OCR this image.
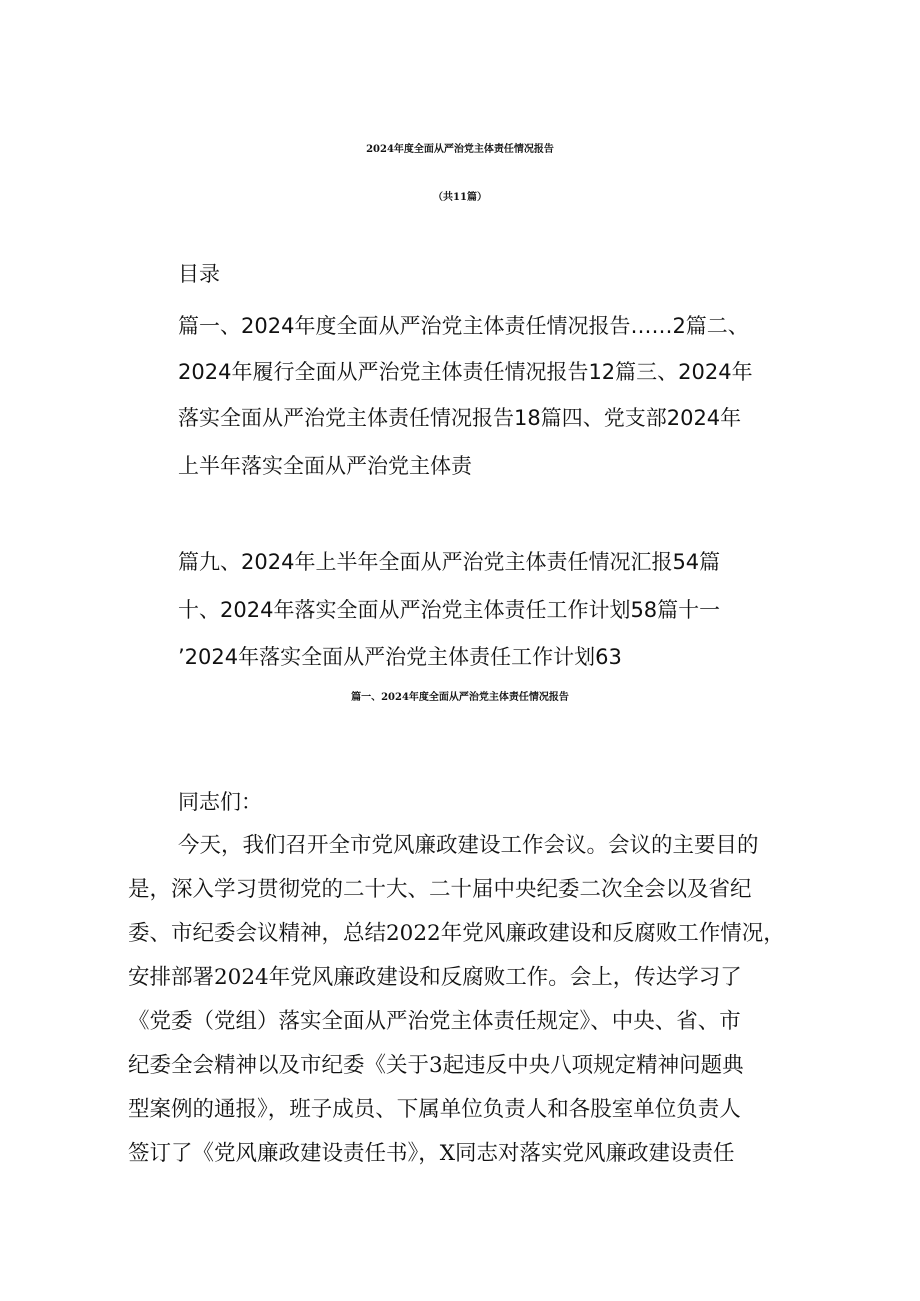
2024年度全面从严治党主体责任情况报告
（共11篇）
目录
篇一、2024年度全面从严治党主体责任情况报告……2篇二、
2024年履行全面从严治党主体责任情况报告12篇三、2024年
落实全面从严治党主体责任情况报告18篇四、党支部2024年
上半年落实全面从严治党主体责
篇九、2024年上半年全面从严治党主体责任情况汇报54篇
十、2024年落实全面从严治党主体责任工作计划58篇十一
’2024年落实全面从严治党主体责任工作计划63
篇一、2024年度全面从严治党主体责任情况报告
同志们：
今天，我们召开全市党风廉政建设工作会议。会议的主要目的
是，深入学习贯彻党的二十大、二十届中央纪委二次全会以及省纪
委、市纪委会议精神，总结2022年党风廉政建设和反腐败工作情况，
安排部署2024年党风廉政建设和反腐败工作。会上，传达学习了
《党委（党组）落实全面从严治党主体责任规定》、中央、省、市
纪委全会精神以及市纪委《关于3起违反中央八项规定精神问题典
型案例的通报》，班子成员、下属单位负责人和各股室单位负责人
签订了《党风廉政建设责任书》，X同志对落实党风廉政建设责任
